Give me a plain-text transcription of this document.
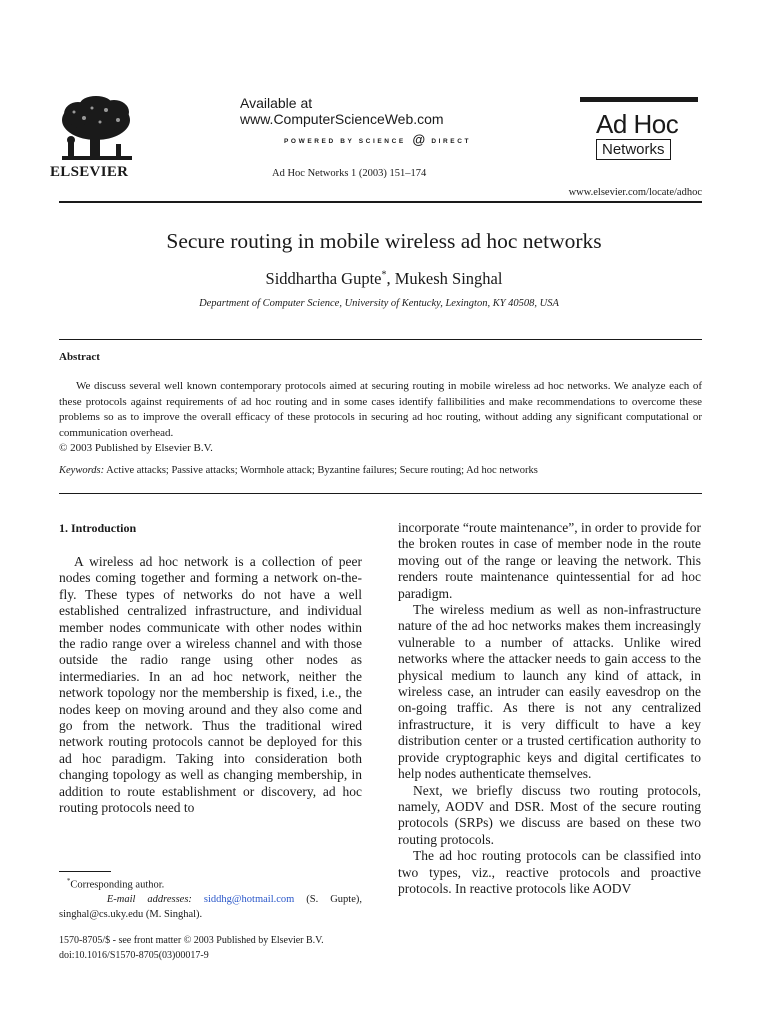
ELSEVIER
Available at
www.ComputerScienceWeb.com
POWERED BY SCIENCE @ DIRECT
Ad Hoc Networks 1 (2003) 151–174
Ad Hoc
Networks
www.elsevier.com/locate/adhoc
Secure routing in mobile wireless ad hoc networks
Siddhartha Gupte*, Mukesh Singhal
Department of Computer Science, University of Kentucky, Lexington, KY 40508, USA
Abstract

We discuss several well known contemporary protocols aimed at securing routing in mobile wireless ad hoc networks. We analyze each of these protocols against requirements of ad hoc routing and in some cases identify fallibilities and make recommendations to overcome these problems so as to improve the overall efficacy of these protocols in securing ad hoc routing, without adding any significant computational or communication overhead.

© 2003 Published by Elsevier B.V.

Keywords: Active attacks; Passive attacks; Wormhole attack; Byzantine failures; Secure routing; Ad hoc networks
1. Introduction

A wireless ad hoc network is a collection of peer nodes coming together and forming a network on-the-fly. These types of networks do not have a well established centralized infrastructure, and individual member nodes communicate with other nodes within the radio range over a wireless channel and with those outside the radio range using other nodes as intermediaries. In an ad hoc network, neither the network topology nor the membership is fixed, i.e., the nodes keep on moving around and they also come and go from the network. Thus the traditional wired network routing protocols cannot be deployed for this ad hoc paradigm. Taking into consideration both changing topology as well as changing membership, in addition to route establishment or discovery, ad hoc routing protocols need to

incorporate “route maintenance”, in order to provide for the broken routes in case of member node in the route moving out of the range or leaving the network. This renders route maintenance quintessential for ad hoc paradigm.

The wireless medium as well as non-infrastructure nature of the ad hoc networks makes them increasingly vulnerable to a number of attacks. Unlike wired networks where the attacker needs to gain access to the physical medium to launch any kind of attack, in wireless case, an intruder can easily eavesdrop on the on-going traffic. As there is not any centralized infrastructure, it is very difficult to have a key distribution center or a trusted certification authority to provide cryptographic keys and digital certificates to help nodes authenticate themselves.

Next, we briefly discuss two routing protocols, namely, AODV and DSR. Most of the secure routing protocols (SRPs) we discuss are based on these two routing protocols.

The ad hoc routing protocols can be classified into two types, viz., reactive protocols and proactive protocols. In reactive protocols like AODV

*Corresponding author.
E-mail addresses: siddhg@hotmail.com (S. Gupte), singhal@cs.uky.edu (M. Singhal).
1570-8705/$ - see front matter © 2003 Published by Elsevier B.V.
doi:10.1016/S1570-8705(03)00017-9
